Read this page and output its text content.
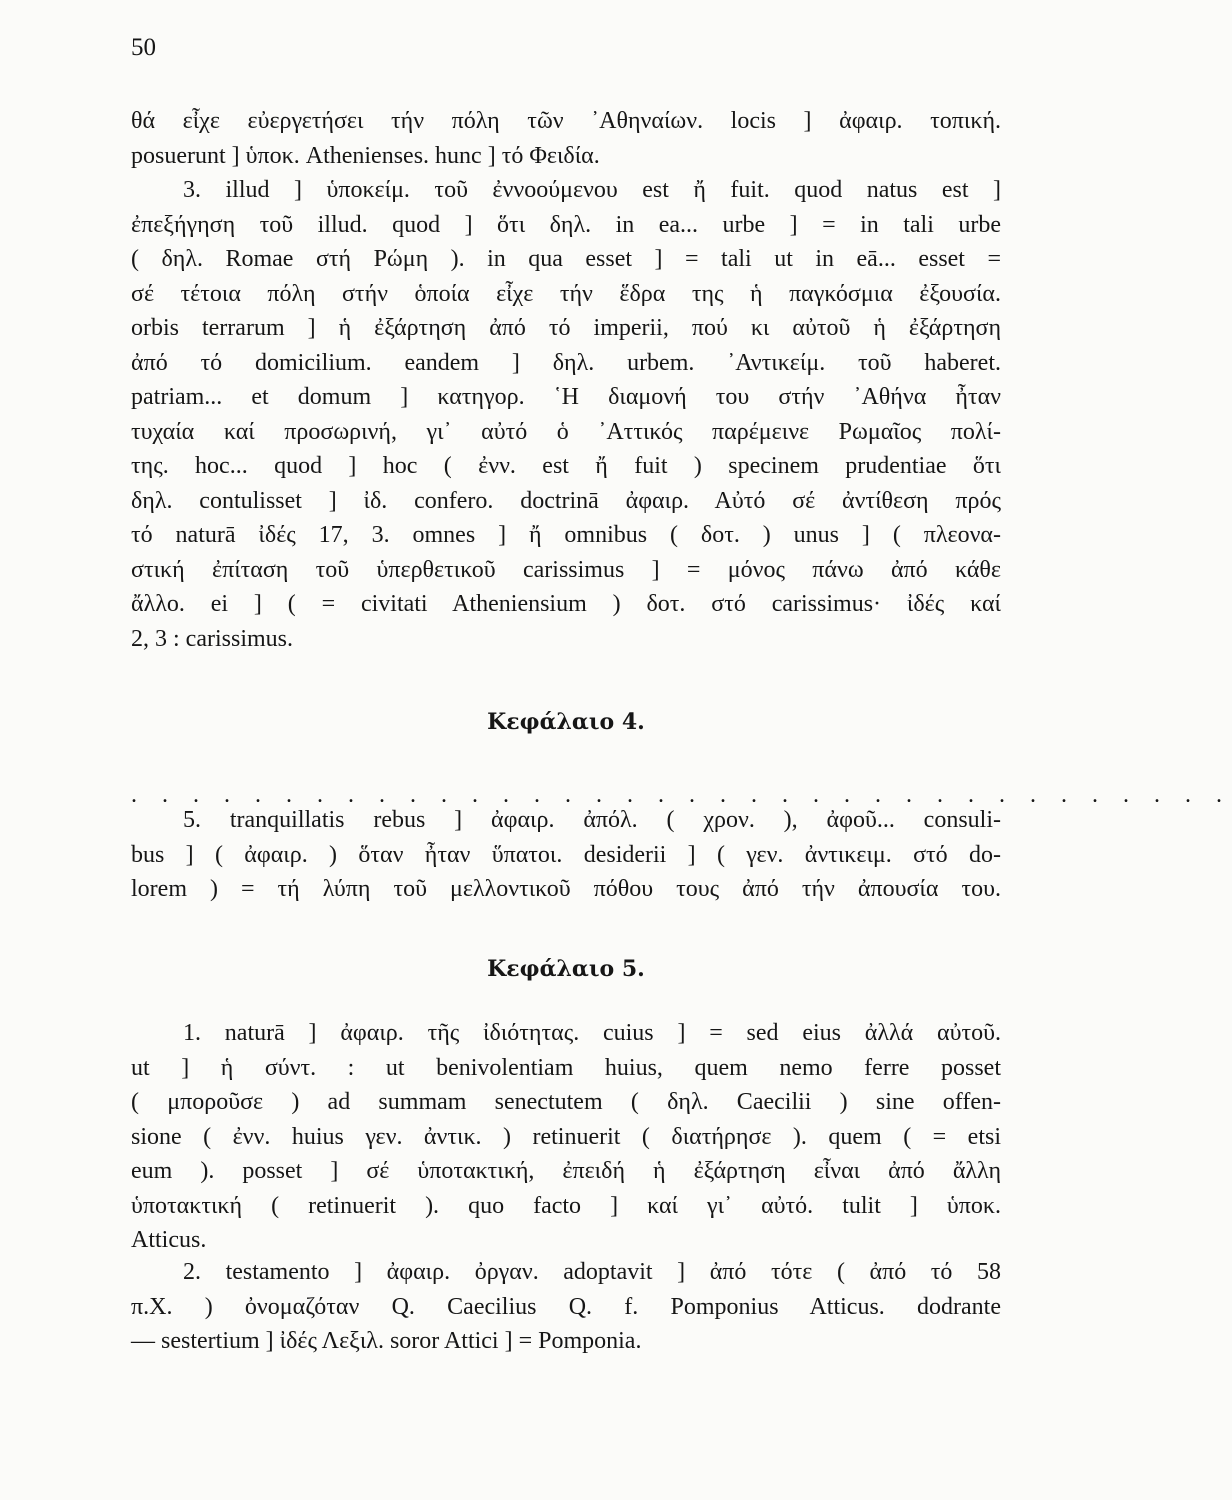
50
θά εἶχε εὐεργετήσει τήν πόλη τῶν ᾿Αθηναίων. locis ] ἀφαιρ. τοπική.
posuerunt ] ὑποκ. Athenienses. hunc ] τό Φειδία.
3. illud ] ὑποκείμ. τοῦ ἐννοούμενου est ἤ fuit. quod natus est ]
ἐπεξήγηση τοῦ illud. quod ] ὅτι δηλ. in ea... urbe ] = in tali urbe
( δηλ. Romae στή Ρώμη ). in qua esset ] = tali ut in eā... esset =
σέ τέτοια πόλη στήν ὁποία εἶχε τήν ἕδρα της ἡ παγκόσμια ἐξουσία.
orbis terrarum ] ἡ ἐξάρτηση ἀπό τό imperii, πού κι αὐτοῦ ἡ ἐξάρτηση
ἀπό τό domicilium. eandem ] δηλ. urbem. ᾿Αντικείμ. τοῦ haberet.
patriam... et domum ] κατηγορ. ῾Η διαμονή του στήν ᾿Αθήνα ἦταν
τυχαία καί προσωρινή, γι᾿ αὐτό ὁ ᾿Αττικός παρέμεινε Ρωμαῖος πολί-
της. hoc... quod ] hoc ( ἐνν. est ἤ fuit ) specinem prudentiae ὅτι
δηλ. contulisset ] ἰδ. confero. doctrinā ἀφαιρ. Αὐτό σέ ἀντίθεση πρός
τό naturā ἰδές 17, 3. omnes ] ἤ omnibus ( δοτ. ) unus ] ( πλεονα-
στική ἐπίταση τοῦ ὑπερθετικοῦ carissimus ] = μόνος πάνω ἀπό κάθε
ἄλλο. ei ] ( = civitati Atheniensium ) δοτ. στό carissimus· ἰδές καί
2, 3 : carissimus.
Κεφάλαιο 4.
. . . . . . . . . . . . . . . . . . . . . . . . . . . . . . . . . . . .
5. tranquillatis rebus ] ἀφαιρ. ἀπόλ. ( χρον. ), ἀφοῦ... consuli-
bus ] ( ἀφαιρ. ) ὅταν ἦταν ὕπατοι. desiderii ] ( γεν. ἀντικειμ. στό do-
lorem ) = τή λύπη τοῦ μελλοντικοῦ πόθου τους ἀπό τήν ἀπουσία του.
Κεφάλαιο 5.
1. naturā ] ἀφαιρ. τῆς ἰδιότητας. cuius ] = sed eius ἀλλά αὐτοῦ.
ut ] ἡ σύντ. : ut benivolentiam huius, quem nemo ferre posset
( μποροῦσε ) ad summam senectutem ( δηλ. Caecilii ) sine offen-
sione ( ἐνν. huius γεν. ἀντικ. ) retinuerit ( διατήρησε ). quem ( = etsi
eum ). posset ] σέ ὑποτακτική, ἐπειδή ἡ ἐξάρτηση εἶναι ἀπό ἄλλη
ὑποτακτική ( retinuerit ). quo facto ] καί γι᾿ αὐτό. tulit ] ὑποκ.
Atticus.
2. testamento ] ἀφαιρ. ὀργαν. adoptavit ] ἀπό τότε ( ἀπό τό 58
π.Χ. ) ὀνομαζόταν Q. Caecilius Q. f. Pomponius Atticus. dodrante
— sestertium ] ἰδές Λεξιλ. soror Attici ] = Pomponia.
